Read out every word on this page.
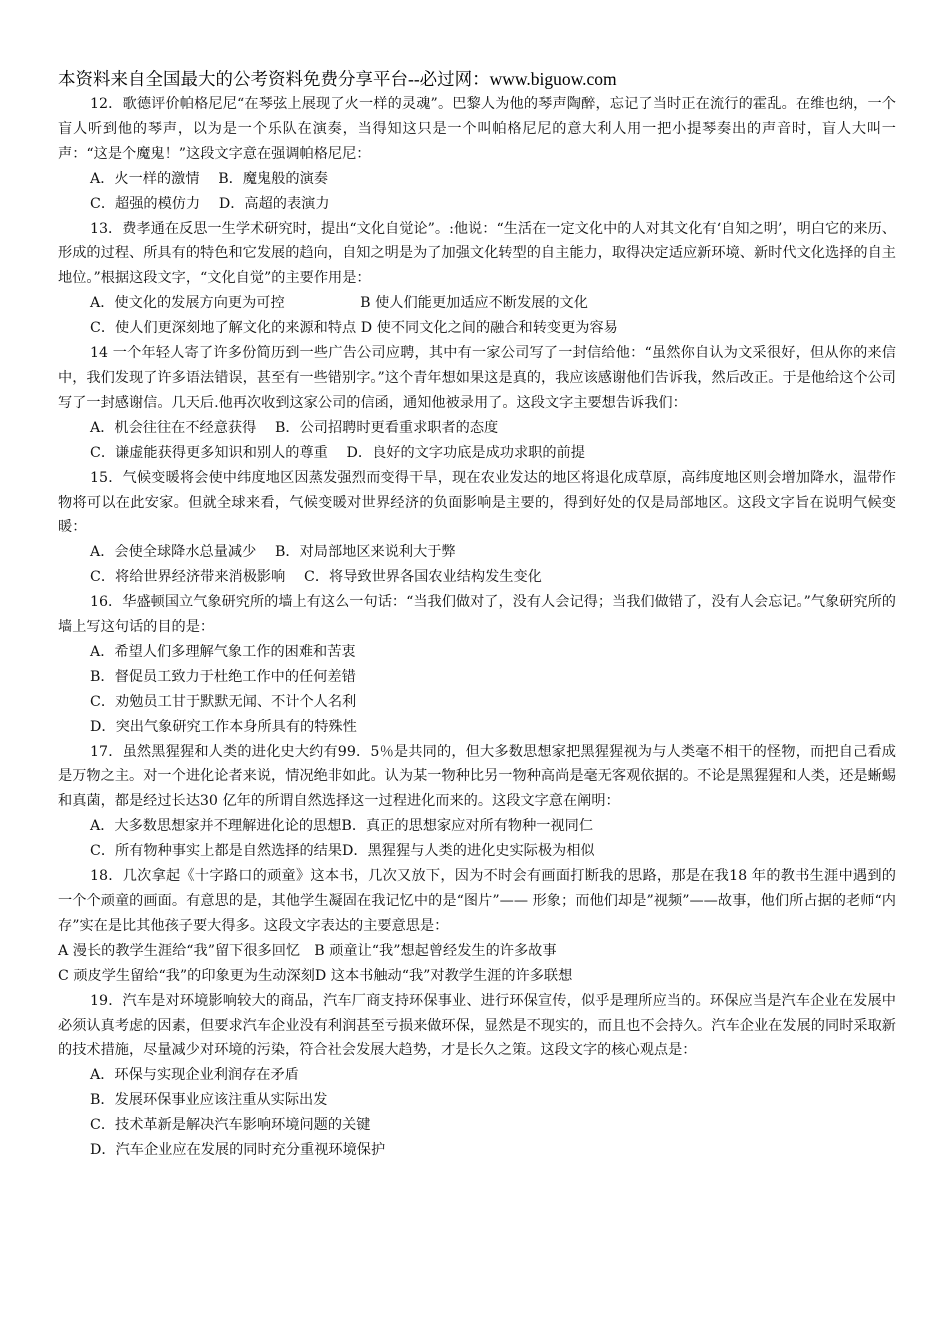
本资料来自全国最大的公考资料免费分享平台--必过网：www.biguow.com

12．歌德评价帕格尼尼“在琴弦上展现了火一样的灵魂”。巴黎人为他的琴声陶醉，忘记了当时正在流行的霍乱。在维也纳，一个盲人听到他的琴声，以为是一个乐队在演奏，当得知这只是一个叫帕格尼尼的意大利人用一把小提琴奏出的声音时，盲人大叫一声：“这是个魔鬼！”这段文字意在强调帕格尼尼：

A．火一样的激情　 B．魔鬼般的演奏

C．超强的模仿力　 D．高超的表演力

13．费孝通在反思一生学术研究时，提出“文化自觉论”。:他说：“生活在一定文化中的人对其文化有‘自知之明’，明白它的来历、形成的过程、所具有的特色和它发展的趋向，自知之明是为了加强文化转型的自主能力，取得决定适应新环境、新时代文化选择的自主地位。”根据这段文字，“文化自觉”的主要作用是：

A．使文化的发展方向更为可控　　　　　 B 使人们能更加适应不断发展的文化

C．使人们更深刻地了解文化的来源和特点 D 使不同文化之间的融合和转变更为容易

14 一个年轻人寄了许多份简历到一些广告公司应聘，其中有一家公司写了一封信给他：“虽然你自认为文采很好，但从你的来信中，我们发现了许多语法错误，甚至有一些错别字。”这个青年想如果这是真的，我应该感谢他们告诉我，然后改正。于是他给这个公司写了一封感谢信。几天后.他再次收到这家公司的信函，通知他被录用了。这段文字主要想告诉我们：

A．机会往往在不经意获得　 B．公司招聘时更看重求职者的态度

C．谦虚能获得更多知识和别人的尊重　 D．良好的文字功底是成功求职的前提

15．气候变暖将会使中纬度地区因蒸发强烈而变得干旱，现在农业发达的地区将退化成草原，高纬度地区则会增加降水，温带作物将可以在此安家。但就全球来看，气候变暖对世界经济的负面影响是主要的，得到好处的仅是局部地区。这段文字旨在说明气候变暖：

A．会使全球降水总量减少　 B．对局部地区来说利大于弊

C．将给世界经济带来消极影响　 C．将导致世界各国农业结构发生变化

16．华盛顿国立气象研究所的墙上有这么一句话：“当我们做对了，没有人会记得；当我们做错了，没有人会忘记。”气象研究所的墙上写这句话的目的是：

A．希望人们多理解气象工作的困难和苦衷

B．督促员工致力于杜绝工作中的任何差错

C．劝勉员工甘于默默无闻、不计个人名利

D．突出气象研究工作本身所具有的特殊性

17．虽然黑猩猩和人类的进化史大约有99．5％是共同的，但大多数思想家把黑猩猩视为与人类毫不相干的怪物，而把自己看成是万物之主。对一个进化论者来说，情况绝非如此。认为某一物种比另一物种高尚是毫无客观依据的。不论是黑猩猩和人类，还是蜥蜴和真菌，都是经过长达30 亿年的所谓自然选择这一过程进化而来的。这段文字意在阐明：

A．大多数思想家并不理解进化论的思想B．真正的思想家应对所有物种一视同仁

C．所有物种事实上都是自然选择的结果D．黑猩猩与人类的进化史实际极为相似

18．几次拿起《十字路口的顽童》这本书，几次又放下，因为不时会有画面打断我的思路，那是在我18 年的教书生涯中遇到的一个个顽童的画面。有意思的是，其他学生凝固在我记忆中的是“图片”—— 形象；而他们却是”视频”——故事，他们所占据的老师“内存”实在是比其他孩子要大得多。这段文字表达的主要意思是：

A 漫长的教学生涯给“我”留下很多回忆　B 顽童让“我”想起曾经发生的许多故事

C 顽皮学生留给“我”的印象更为生动深刻D 这本书触动“我”对教学生涯的许多联想

19．汽车是对环境影响较大的商品，汽车厂商支持环保事业、进行环保宣传，似乎是理所应当的。环保应当是汽车企业在发展中必须认真考虑的因素，但要求汽车企业没有利润甚至亏损来做环保，显然是不现实的，而且也不会持久。汽车企业在发展的同时采取新的技术措施，尽量减少对环境的污染，符合社会发展大趋势，才是长久之策。这段文字的核心观点是：

A．环保与实现企业利润存在矛盾

B．发展环保事业应该注重从实际出发

C．技术革新是解决汽车影响环境问题的关键

D．汽车企业应在发展的同时充分重视环境保护
